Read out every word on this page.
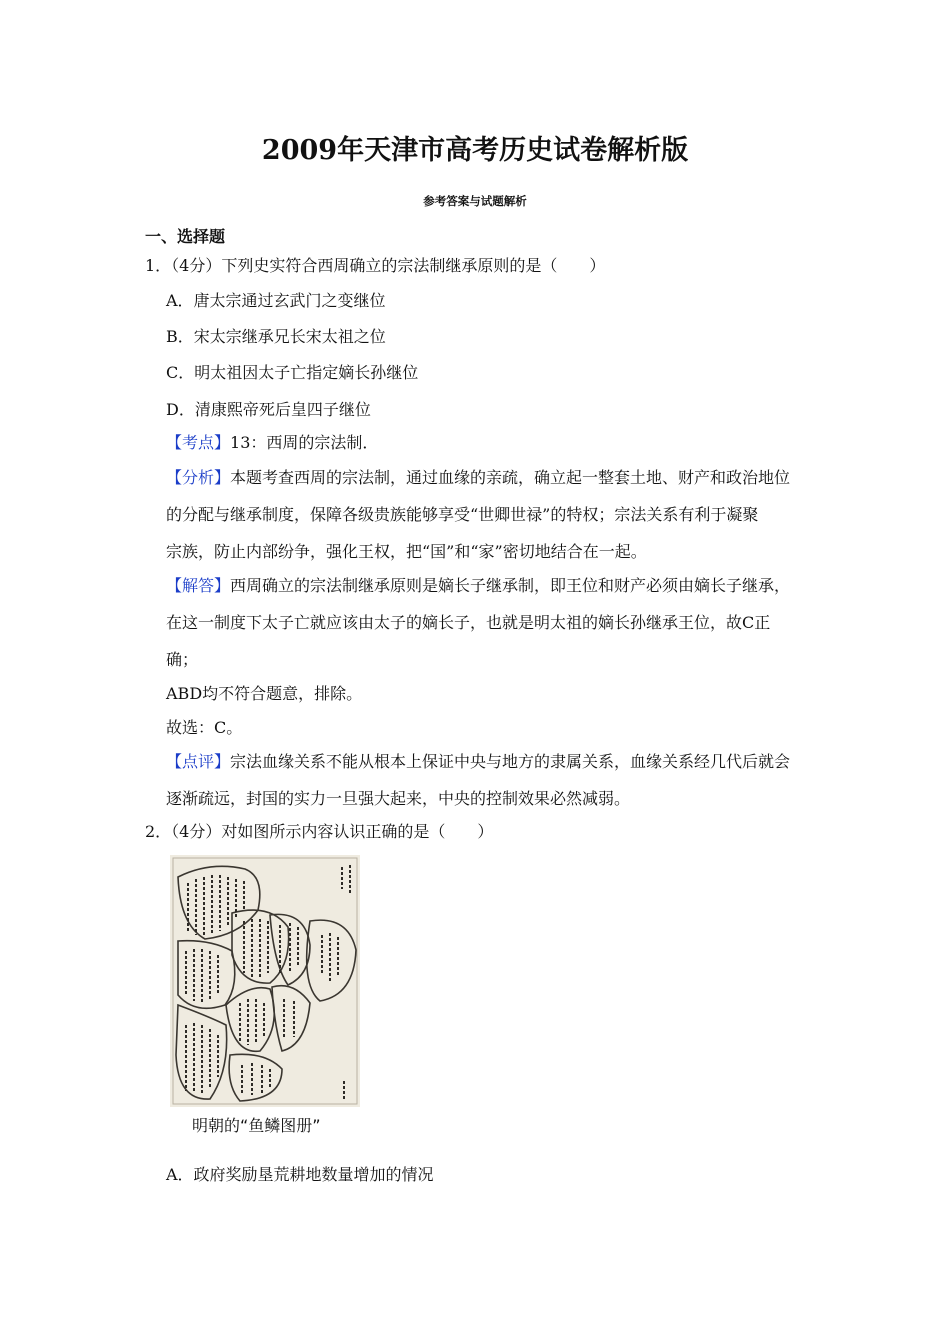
2009年天津市高考历史试卷解析版
参考答案与试题解析
一、选择题
1．（4分）下列史实符合西周确立的宗法制继承原则的是（　　）
A．唐太宗通过玄武门之变继位
B．宋太宗继承兄长宋太祖之位
C．明太祖因太子亡指定嫡长孙继位
D．清康熙帝死后皇四子继位
【考点】13：西周的宗法制．
【分析】本题考查西周的宗法制，通过血缘的亲疏，确立起一整套土地、财产和政治地位
的分配与继承制度，保障各级贵族能够享受“世卿世禄”的特权；宗法关系有利于凝聚
宗族，防止内部纷争，强化王权，把“国”和“家”密切地结合在一起。
【解答】西周确立的宗法制继承原则是嫡长子继承制，即王位和财产必须由嫡长子继承，
在这一制度下太子亡就应该由太子的嫡长子，也就是明太祖的嫡长孙继承王位，故C正
确；
ABD均不符合题意，排除。
故选：C。
【点评】宗法血缘关系不能从根本上保证中央与地方的隶属关系，血缘关系经几代后就会
逐渐疏远，封国的实力一旦强大起来，中央的控制效果必然减弱。
2．（4分）对如图所示内容认识正确的是（　　）
明朝的“鱼鳞图册”
A．政府奖励垦荒耕地数量增加的情况
